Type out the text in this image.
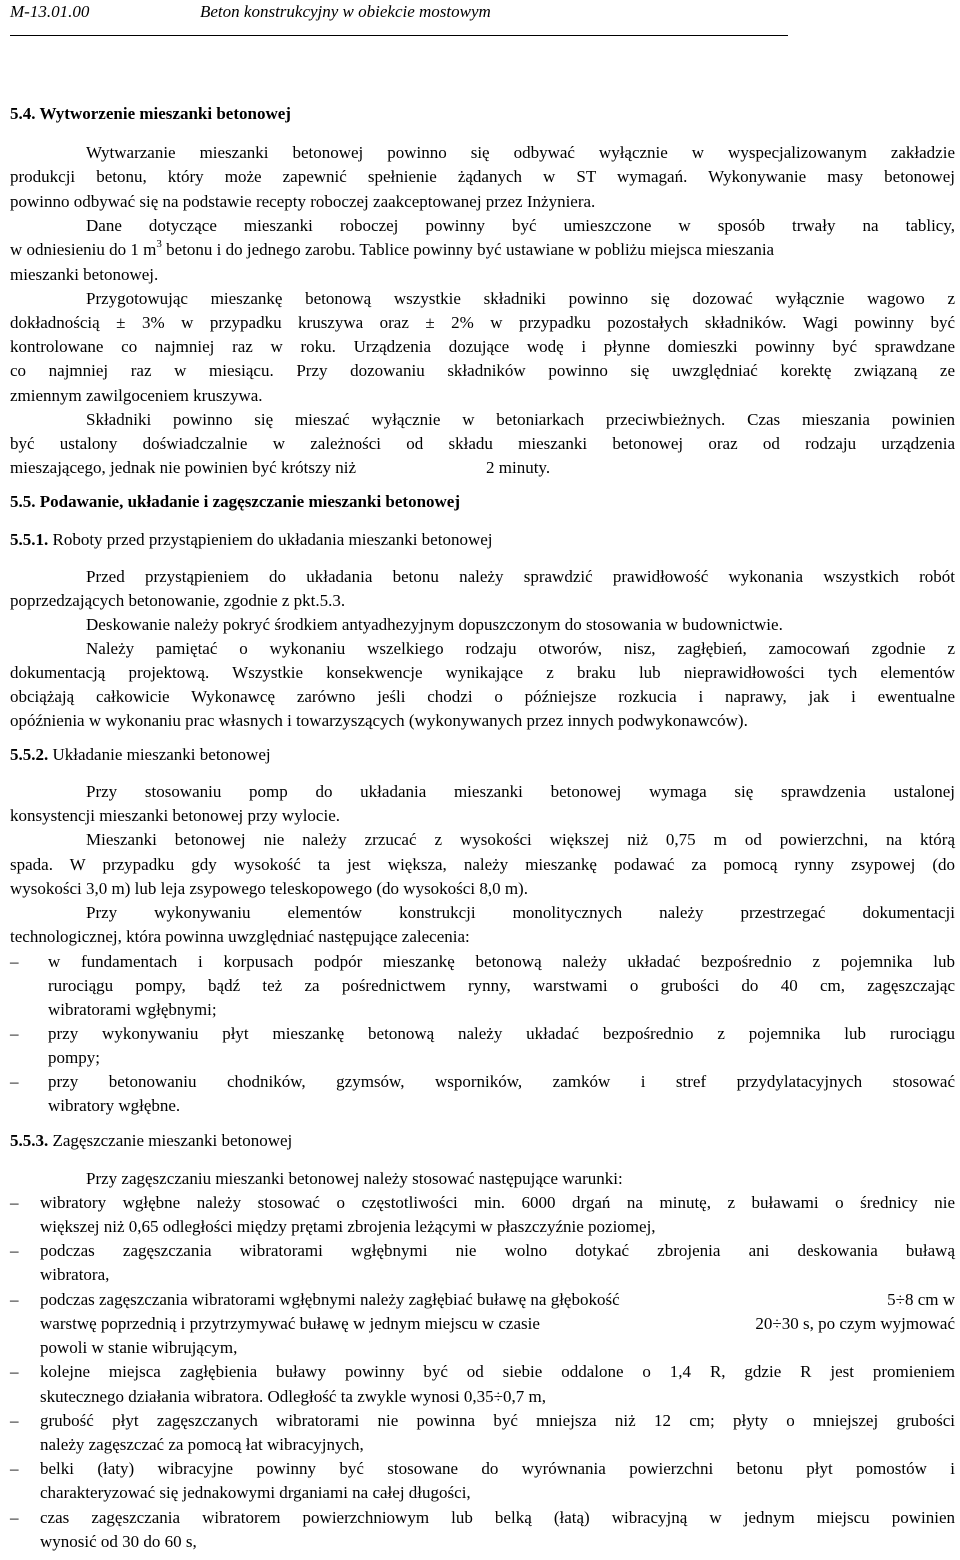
M-13.01.00	Beton konstrukcyjny w obiekcie mostowym
5.4. Wytworzenie mieszanki betonowej
Wytwarzanie mieszanki betonowej powinno się odbywać wyłącznie w wyspecjalizowanym zakładzie
produkcji betonu, który może zapewnić spełnienie żądanych w ST wymagań. Wykonywanie masy betonowej
powinno odbywać się na podstawie recepty roboczej zaakceptowanej przez Inżyniera.
Dane dotyczące mieszanki roboczej powinny być umieszczone w sposób trwały na tablicy,
w odniesieniu do 1 $m^3$ betonu i do jednego zarobu. Tablice powinny być ustawiane w pobliżu miejsca mieszania
mieszanki betonowej.
Przygotowując mieszankę betonową wszystkie składniki powinno się dozować wyłącznie wagowo z
dokładnością ± 3% w przypadku kruszywa oraz ± 2% w przypadku pozostałych składników. Wagi powinny być
kontrolowane co najmniej raz w roku. Urządzenia dozujące wodę i płynne domieszki powinny być sprawdzane
co najmniej raz w miesiącu. Przy dozowaniu składników powinno się uwzględniać korektę związaną ze
zmiennym zawilgoceniem kruszywa.
Składniki powinno się mieszać wyłącznie w betoniarkach przeciwbieżnych. Czas mieszania powinien
być ustalony doświadczalnie w zależności od składu mieszanki betonowej oraz od rodzaju urządzenia
mieszającego, jednak nie powinien być krótszy niż	2 minuty.
5.5. Podawanie, układanie i zagęszczanie mieszanki betonowej
5.5.1. Roboty przed przystąpieniem do układania mieszanki betonowej
Przed przystąpieniem do układania betonu należy sprawdzić prawidłowość wykonania wszystkich robót
poprzedzających betonowanie, zgodnie z pkt.5.3.
Deskowanie należy pokryć środkiem antyadhezyjnym dopuszczonym do stosowania w budownictwie.
Należy pamiętać o wykonaniu wszelkiego rodzaju otworów, nisz, zagłębień, zamocowań zgodnie z
dokumentacją projektową. Wszystkie konsekwencje wynikające z braku lub nieprawidłowości tych elementów
obciążają całkowicie Wykonawcę zarówno jeśli chodzi o późniejsze rozkucia i naprawy, jak i ewentualne
opóźnienia w wykonaniu prac własnych i towarzyszących (wykonywanych przez innych podwykonawców).
5.5.2. Układanie mieszanki betonowej
Przy stosowaniu pomp do układania mieszanki betonowej wymaga się sprawdzenia ustalonej
konsystencji mieszanki betonowej przy wylocie.
Mieszanki betonowej nie należy zrzucać z wysokości większej niż 0,75 m od powierzchni, na którą
spada. W przypadku gdy wysokość ta jest większa, należy mieszankę podawać za pomocą rynny zsypowej (do
wysokości 3,0 m) lub leja zsypowego teleskopowego (do wysokości 8,0 m).
Przy wykonywaniu elementów konstrukcji monolitycznych należy przestrzegać dokumentacji
technologicznej, która powinna uwzględniać następujące zalecenia:
–	w fundamentach i korpusach podpór mieszankę betonową należy układać bezpośrednio z pojemnika lub
rurociągu pompy, bądź też za pośrednictwem rynny, warstwami o grubości do 40 cm, zagęszczając
wibratorami wgłębnymi;
–	przy wykonywaniu płyt mieszankę betonową należy układać bezpośrednio z pojemnika lub rurociągu
pompy;
–	przy betonowaniu chodników, gzymsów, wsporników, zamków i stref przydylatacyjnych stosować
wibratory wgłębne.
5.5.3. Zagęszczanie mieszanki betonowej
Przy zagęszczaniu mieszanki betonowej należy stosować następujące warunki:
–	wibratory wgłębne należy stosować o częstotliwości min. 6000 drgań na minutę, z buławami o średnicy nie
większej niż 0,65 odległości między prętami zbrojenia leżącymi w płaszczyźnie poziomej,
–	podczas zagęszczania wibratorami wgłębnymi nie wolno dotykać zbrojenia ani deskowania buławą
wibratora,
–	podczas zagęszczania wibratorami wgłębnymi należy zagłębiać buławę na głębokość	5÷8 cm w
warstwę poprzednią i przytrzymywać buławę w jednym miejscu w czasie	20÷30 s, po czym wyjmować
powoli w stanie wibrującym,
–	kolejne miejsca zagłębienia buławy powinny być od siebie oddalone o 1,4 R, gdzie R jest promieniem
skutecznego działania wibratora. Odległość ta zwykle wynosi 0,35÷0,7 m,
–	grubość płyt zagęszczanych wibratorami nie powinna być mniejsza niż 12 cm; płyty o mniejszej grubości
należy zagęszczać za pomocą łat wibracyjnych,
–	belki (łaty) wibracyjne powinny być stosowane do wyrównania powierzchni betonu płyt pomostów i
charakteryzować się jednakowymi drganiami na całej długości,
–	czas zagęszczania wibratorem powierzchniowym lub belką (łatą) wibracyjną w jednym miejscu powinien
wynosić od 30 do 60 s,
